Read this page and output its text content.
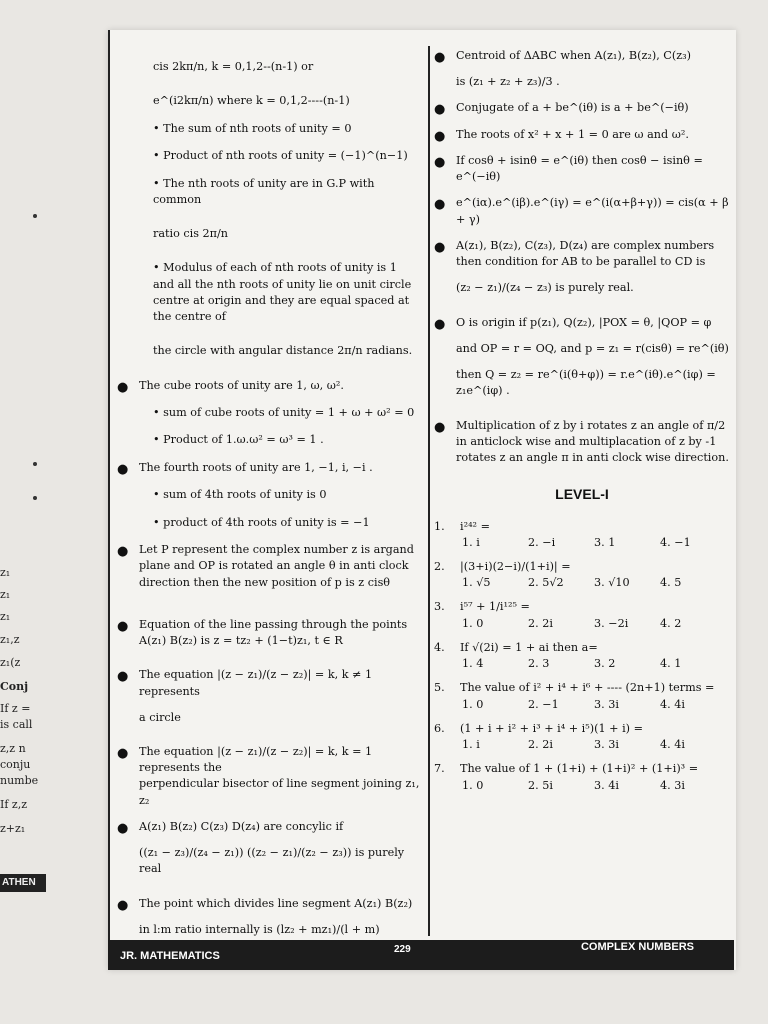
z₁
z₁
z₁
z₁,z
z₁(z
Conj
If z =
is call
z,z n
conju
numbe
If z,z
z+z₁
ATHEN

cis 2kπ/n, k = 0,1,2--(n-1) or

e^(i2kπ/n) where k = 0,1,2----(n-1)

• The sum of nth roots of unity = 0

• Product of nth roots of unity = (−1)^(n−1)

• The nth roots of unity are in G.P with common

ratio cis 2π/n

• Modulus of each of nth roots of unity is 1 and all the nth roots of unity lie on unit circle centre at origin and they are equal spaced at the centre of

the circle with angular distance 2π/n radians.

● The cube roots of unity are 1, ω, ω².

• sum of cube roots of unity = 1 + ω + ω² = 0

• Product of 1.ω.ω² = ω³ = 1 .

● The fourth roots of unity are 1, −1, i, −i .

• sum of 4th roots of unity is 0

• product of 4th roots of unity is = −1

● Let P represent the complex number z is argand plane and OP is rotated an angle θ in anti clock direction then the new position of p is z cisθ
● Equation of the line passing through the points A(z₁) B(z₂) is z = tz₂ + (1−t)z₁, t ∈ R
● The equation |(z − z₁)/(z − z₂)| = k, k ≠ 1 represents

a circle

● The equation |(z − z₁)/(z − z₂)| = k, k = 1 represents the

perpendicular bisector of line segment joining z₁, z₂

● A(z₁) B(z₂) C(z₃) D(z₄) are concylic if

((z₁ − z₃)/(z₄ − z₁)) ((z₂ − z₁)/(z₂ − z₃)) is purely real

● The point which divides line segment A(z₁) B(z₂)

in l:m ratio internally is (lz₂ + mz₁)/(l + m)

● Centroid of ΔABC when A(z₁), B(z₂), C(z₃)

is (z₁ + z₂ + z₃)/3 .

● Conjugate of a + be^(iθ) is a + be^(−iθ)
● The roots of x² + x + 1 = 0 are ω and ω².
● If cosθ + isinθ = e^(iθ) then cosθ − isinθ = e^(−iθ)
● e^(iα).e^(iβ).e^(iγ) = e^(i(α+β+γ)) = cis(α + β + γ)
● A(z₁), B(z₂), C(z₃), D(z₄) are complex numbers then condition for AB to be parallel to CD is

(z₂ − z₁)/(z₄ − z₃) is purely real.

● O is origin if p(z₁), Q(z₂), |POX = θ, |QOP = φ

and OP = r = OQ, and p = z₁ = r(cisθ) = re^(iθ)

then Q = z₂ = re^(i(θ+φ)) = r.e^(iθ).e^(iφ) = z₁e^(iφ) .

● Multiplication of z by i rotates z an angle of π/2 in anticlock wise and multiplacation of z by -1 rotates z an angle π in anti clock wise direction.
LEVEL-I
1. i²⁴² =
1. i	2. −i	3. 1	4. −1
2. |(3+i)(2−i)/(1+i)| =
1. √5	2. 5√2	3. √10	4. 5
3. i⁵⁷ + 1/i¹²⁵ =
1. 0	2. 2i	3. −2i	4. 2
4. If √(2i) = 1 + ai then a=
1. 4	2. 3	3. 2	4. 1
5. The value of i² + i⁴ + i⁶ + ---- (2n+1) terms =
1. 0	2. −1	3. 3i	4. 4i
6. (1 + i + i² + i³ + i⁴ + i⁵)(1 + i) =
1. i	2. 2i	3. 3i	4. 4i
7. The value of 1 + (1+i) + (1+i)² + (1+i)³ =
1. 0	2. 5i	3. 4i	4. 3i
JR. MATHEMATICS
229	COMPLEX NUMBERS
